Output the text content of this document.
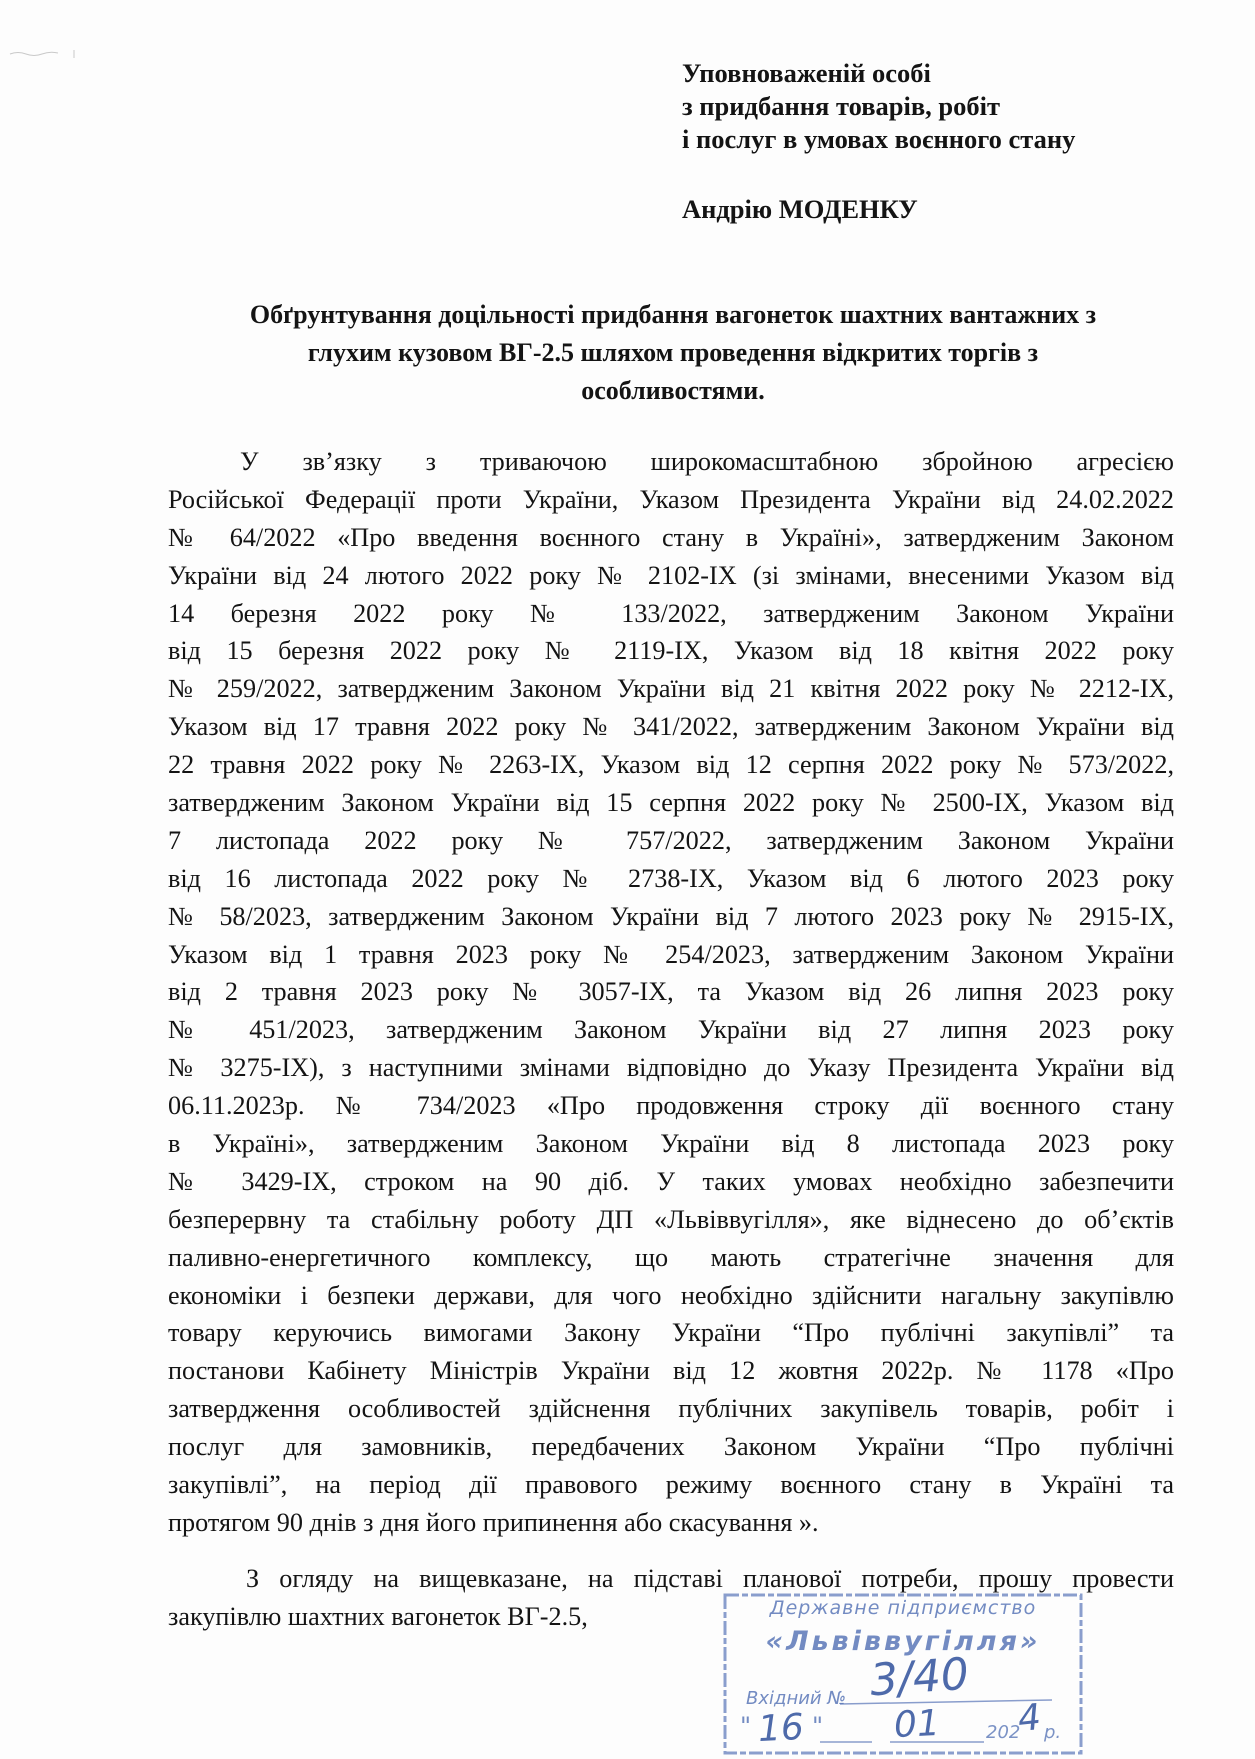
Уповноваженій особі
з придбання товарів, робіт
і послуг в умовах воєнного стану
Андрію МОДЕНКУ
Обґрунтування доцільності придбання вагонеток шахтних вантажних з
глухим кузовом ВГ-2.5 шляхом проведення відкритих торгів з
особливостями.
У зв’язку з триваючою широкомасштабною збройною агресією
Російської Федерації проти України, Указом Президента України від 24.02.2022
№ 64/2022 «Про введення воєнного стану в Україні», затвердженим Законом
України від 24 лютого 2022 року № 2102-IX (зі змінами, внесеними Указом від
14 березня 2022 року № 133/2022, затвердженим Законом України
від 15 березня 2022 року № 2119-IX, Указом від 18 квітня 2022 року
№ 259/2022, затвердженим Законом України від 21 квітня 2022 року № 2212-IX,
Указом від 17 травня 2022 року № 341/2022, затвердженим Законом України від
22 травня 2022 року № 2263-IX, Указом від 12 серпня 2022 року № 573/2022,
затвердженим Законом України від 15 серпня 2022 року № 2500-IX, Указом від
7 листопада 2022 року № 757/2022, затвердженим Законом України
від 16 листопада 2022 року № 2738-IX, Указом від 6 лютого 2023 року
№ 58/2023, затвердженим Законом України від 7 лютого 2023 року № 2915-IX,
Указом від 1 травня 2023 року № 254/2023, затвердженим Законом України
від 2 травня 2023 року № 3057-IX, та Указом від 26 липня 2023 року
№ 451/2023, затвердженим Законом України від 27 липня 2023 року
№ 3275-IX), з наступними змінами відповідно до Указу Президента України від
06.11.2023р. № 734/2023 «Про продовження строку дії воєнного стану
в Україні», затвердженим Законом України від 8 листопада 2023 року
№ 3429-IX, строком на 90 діб. У таких умовах необхідно забезпечити
безперервну та стабільну роботу ДП «Львіввугілля», яке віднесено до об’єктів
паливно-енергетичного комплексу, що мають стратегічне значення для
економіки і безпеки держави, для чого необхідно здійснити нагальну закупівлю
товару керуючись вимогами Закону України “Про публічні закупівлі” та
постанови Кабінету Міністрів України від 12 жовтня 2022р. № 1178 «Про
затвердження особливостей здійснення публічних закупівель товарів, робіт і
послуг для замовників, передбачених Законом України “Про публічні
закупівлі”, на період дії правового режиму воєнного стану в Україні та
протягом 90 днів з дня його припинення або скасування ».
З огляду на вищевказане, на підставі планової потреби, прошу провести
закупівлю шахтних вагонеток ВГ-2.5,	Державне підприємство
«Львіввугілля»
Вхідний № 3/40
" 16 " 01	202
4 р.
